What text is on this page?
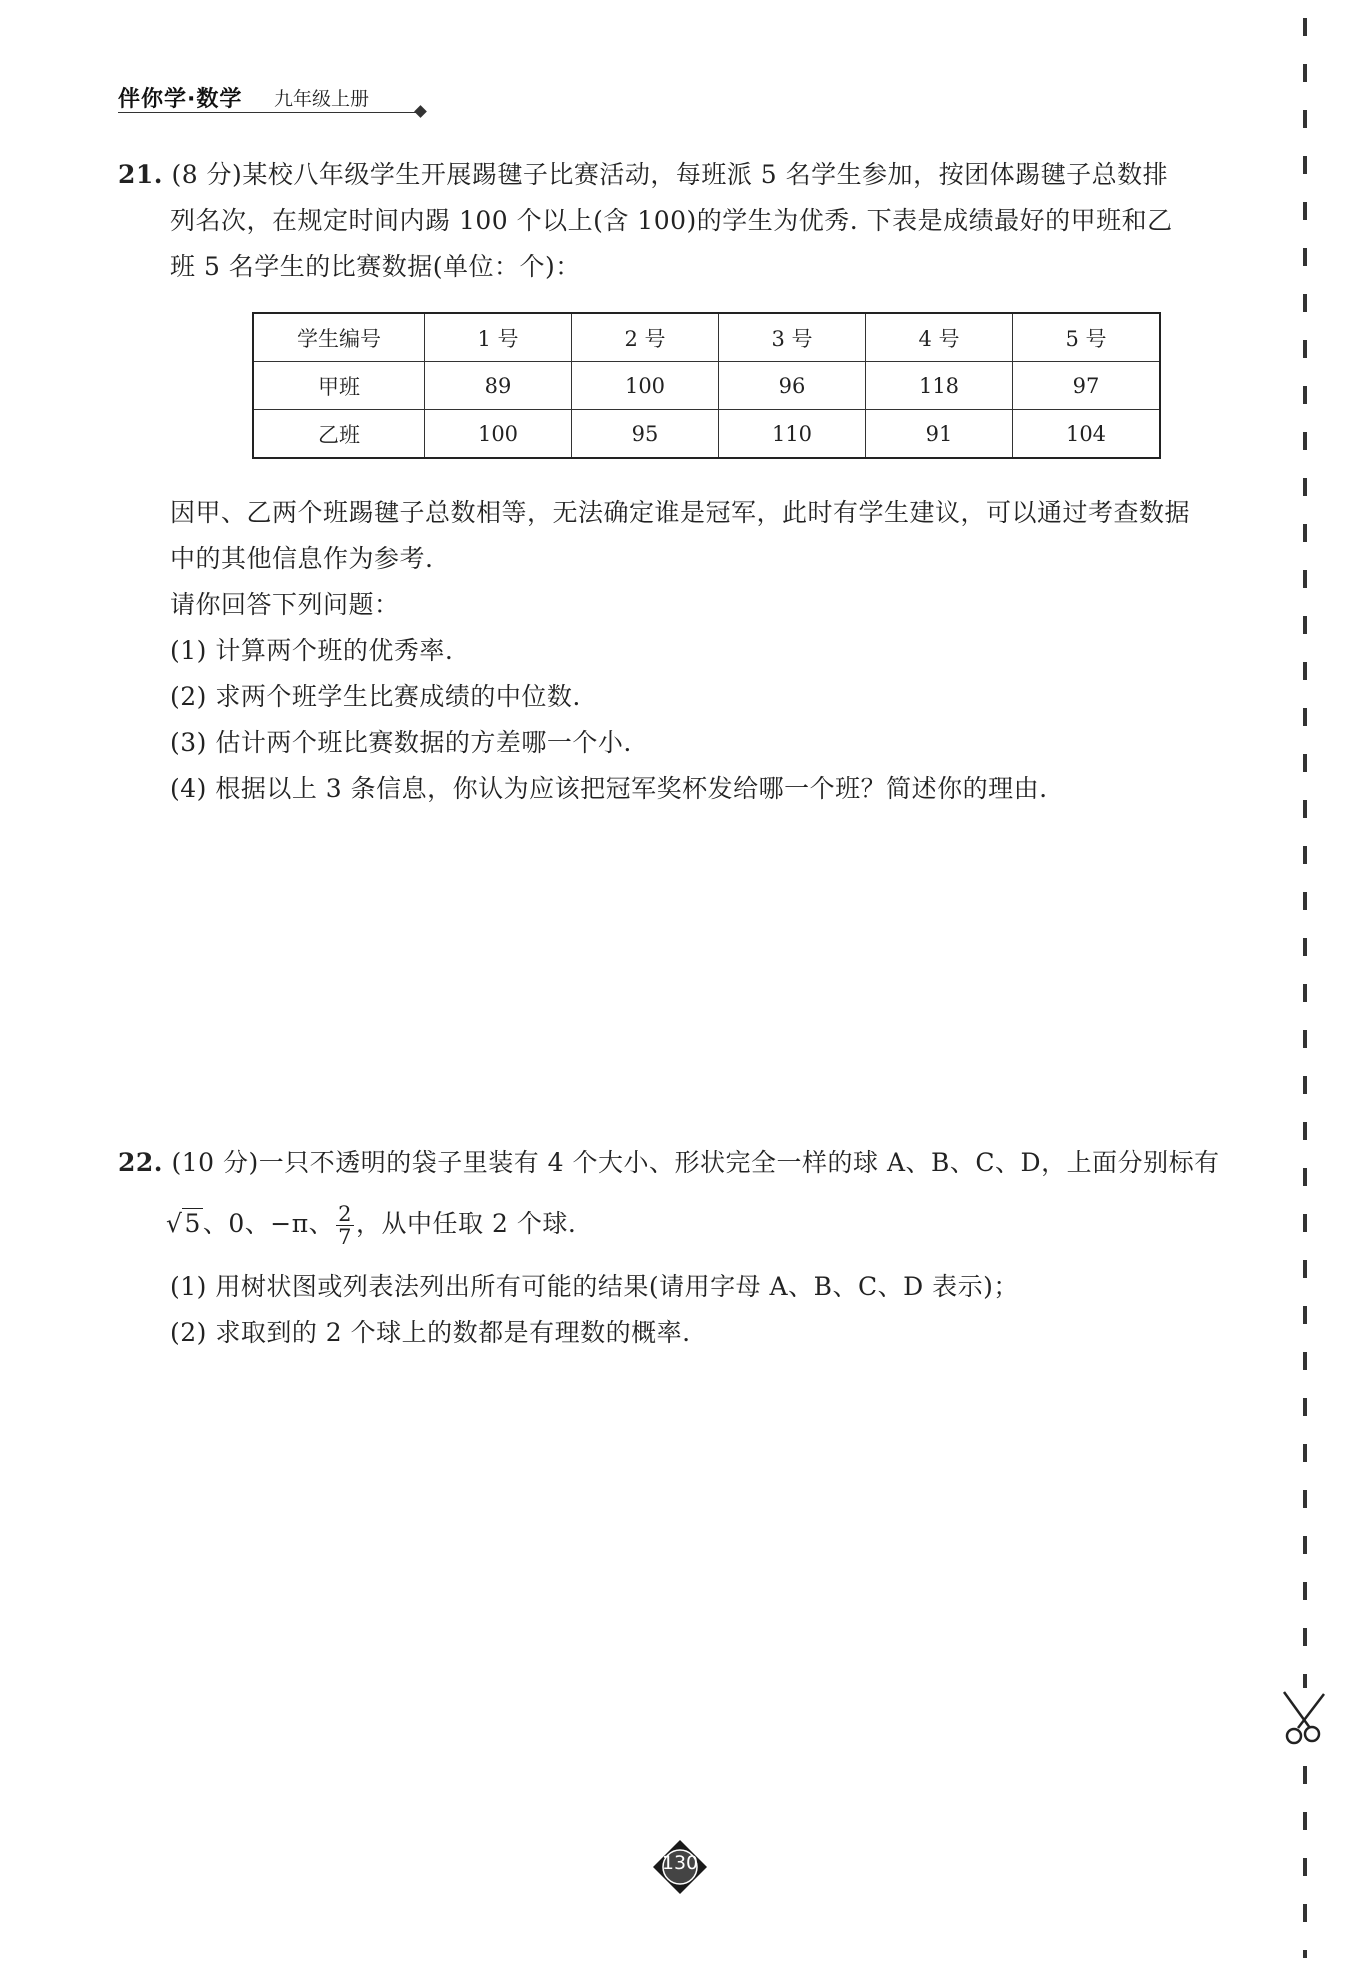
伴你学·数学 九年级上册
21. (8 分)某校八年级学生开展踢毽子比赛活动，每班派 5 名学生参加，按团体踢毽子总数排
列名次，在规定时间内踢 100 个以上(含 100)的学生为优秀. 下表是成绩最好的甲班和乙
班 5 名学生的比赛数据(单位：个)：
学生编号	1 号	2 号	3 号	4 号	5 号
甲班	89	100	96	118	97
乙班	100	95	110	91	104
因甲、乙两个班踢毽子总数相等，无法确定谁是冠军，此时有学生建议，可以通过考查数据
中的其他信息作为参考.
请你回答下列问题：
(1) 计算两个班的优秀率.
(2) 求两个班学生比赛成绩的中位数.
(3) 估计两个班比赛数据的方差哪一个小.
(4) 根据以上 3 条信息，你认为应该把冠军奖杯发给哪一个班？简述你的理由.
22. (10 分)一只不透明的袋子里装有 4 个大小、形状完全一样的球 A、B、C、D，上面分别标有
√5、0、−π、 $\frac{2}{7}$ ，从中任取 2 个球.
(1) 用树状图或列表法列出所有可能的结果(请用字母 A、B、C、D 表示)；
(2) 求取到的 2 个球上的数都是有理数的概率.
130
